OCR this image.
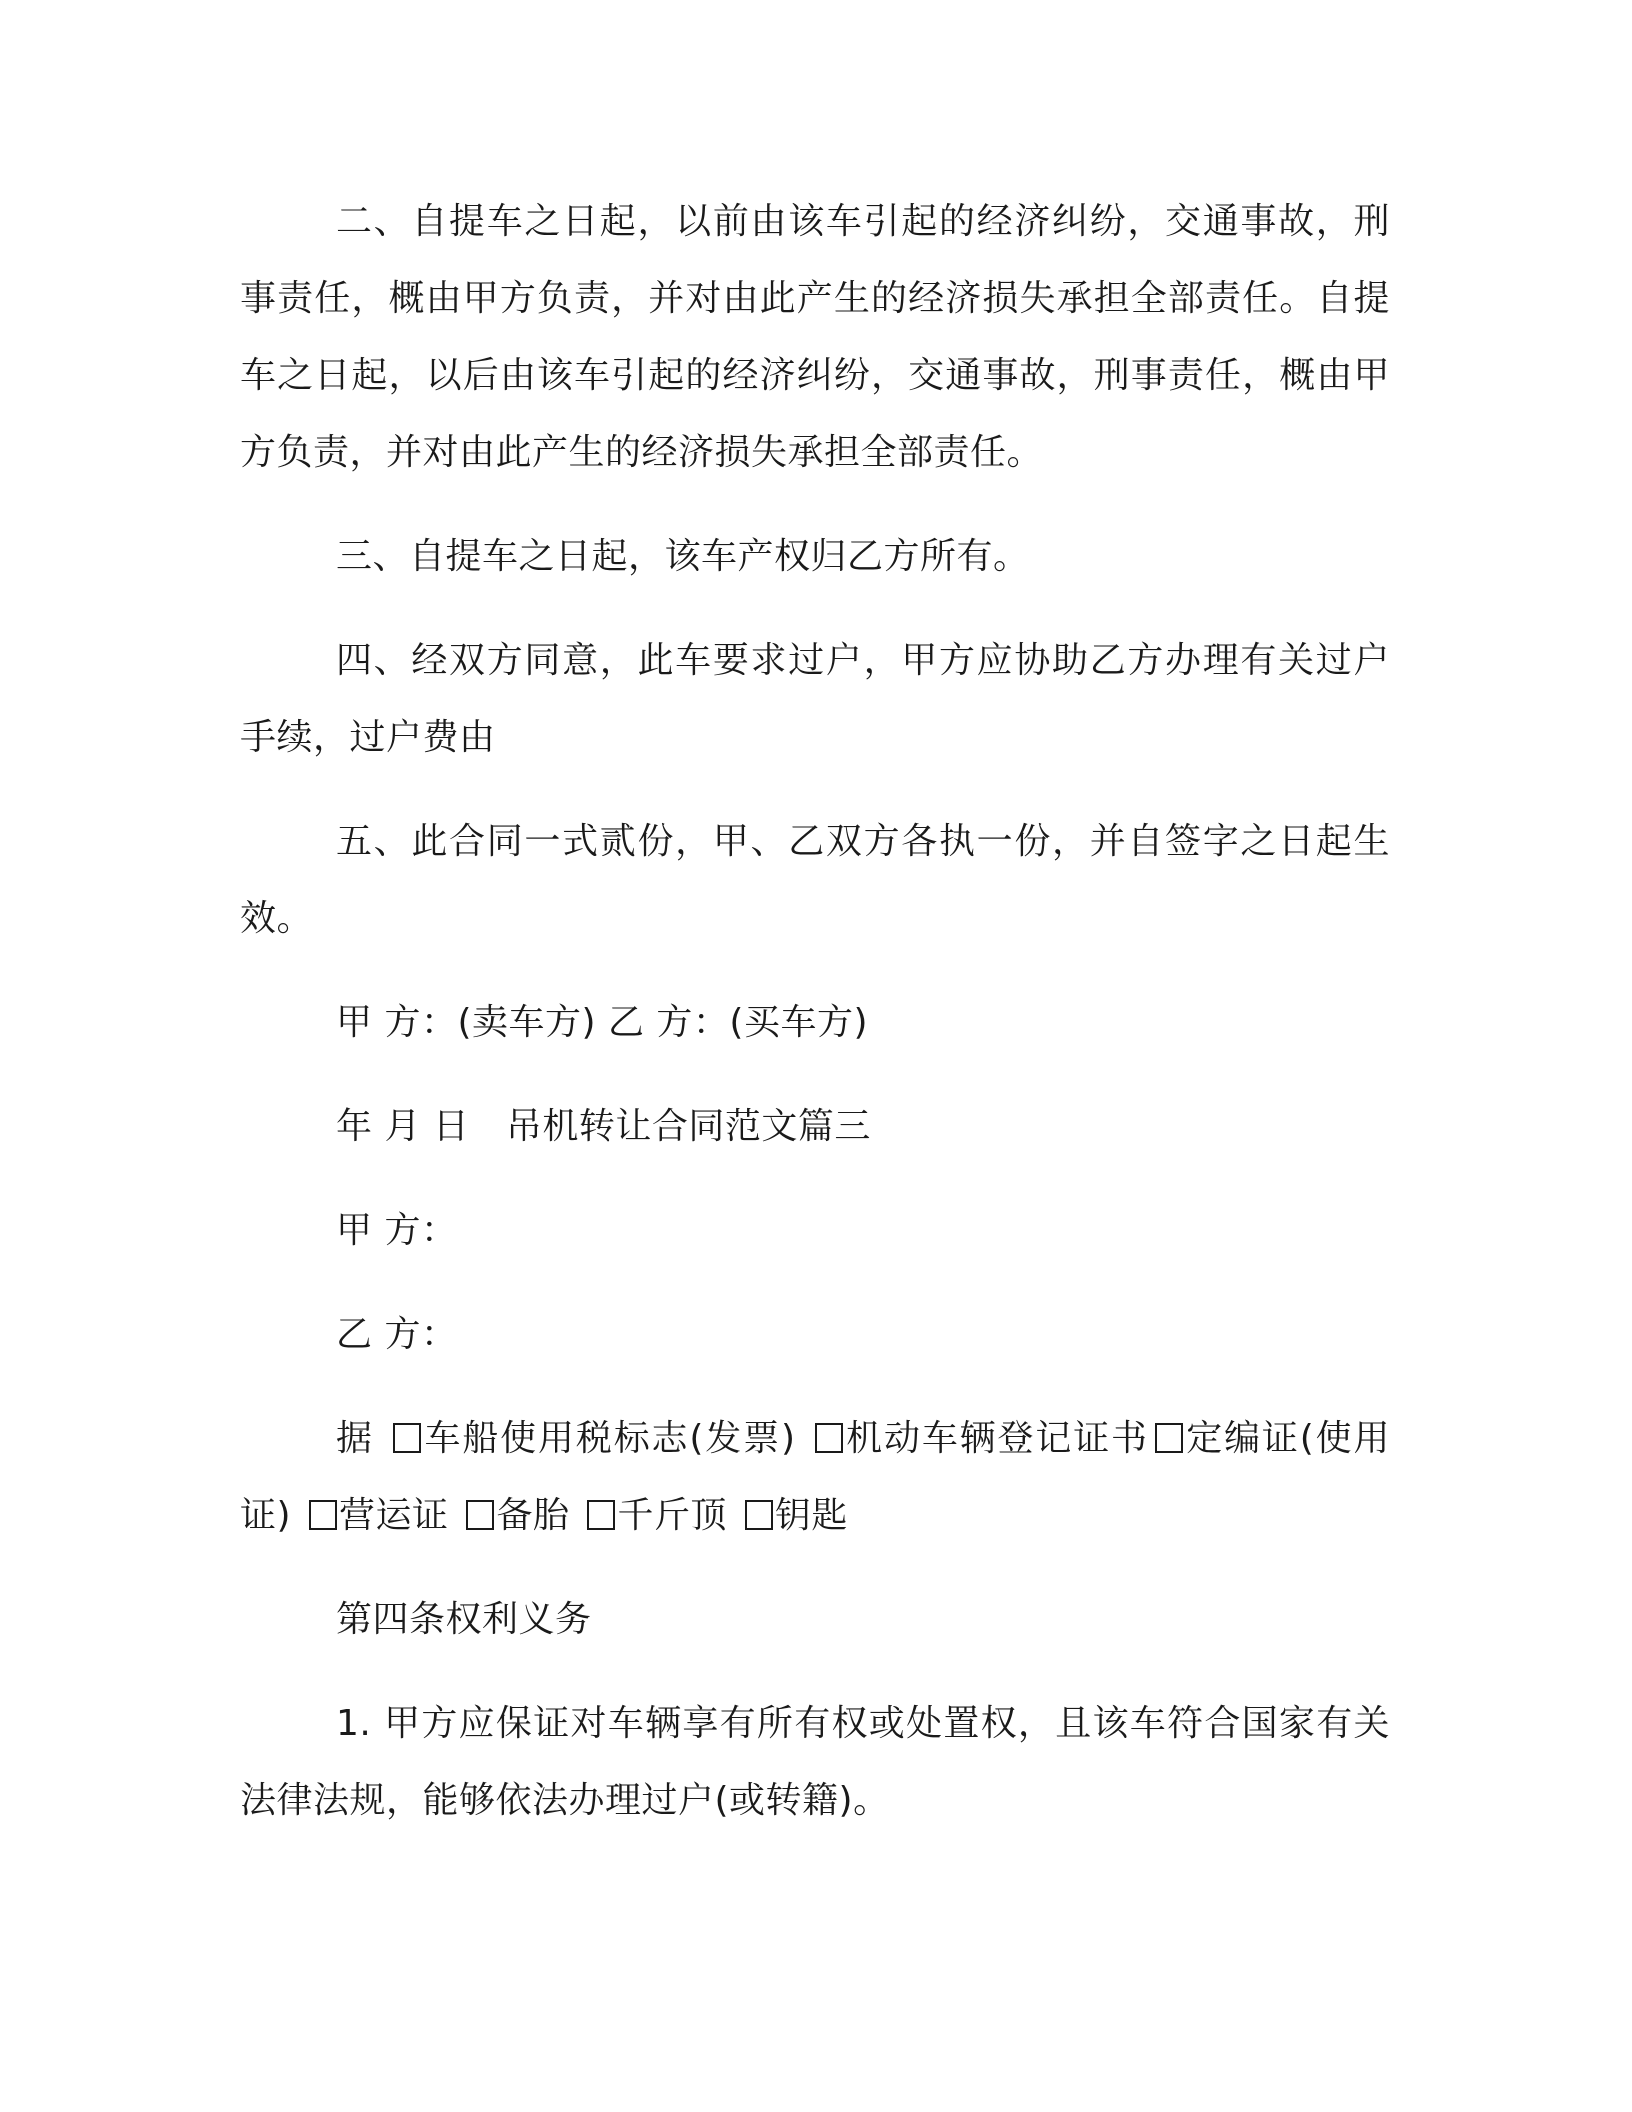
二、自提车之日起，以前由该车引起的经济纠纷，交通事故，刑事责任，概由甲方负责，并对由此产生的经济损失承担全部责任。自提车之日起，以后由该车引起的经济纠纷，交通事故，刑事责任，概由甲方负责，并对由此产生的经济损失承担全部责任。

三、自提车之日起，该车产权归乙方所有。

四、经双方同意，此车要求过户，甲方应协助乙方办理有关过户手续，过户费由

五、此合同一式贰份，甲、乙双方各执一份，并自签字之日起生效。

甲 方：(卖车方) 乙 方：(买车方)

年 月 日　吊机转让合同范文篇三

甲 方：

乙 方：

据 车船使用税标志(发票) 机动车辆登记证书 定编证(使用证) 营运证 备胎 千斤顶 钥匙

第四条权利义务

1. 甲方应保证对车辆享有所有权或处置权，且该车符合国家有关法律法规，能够依法办理过户(或转籍)。
